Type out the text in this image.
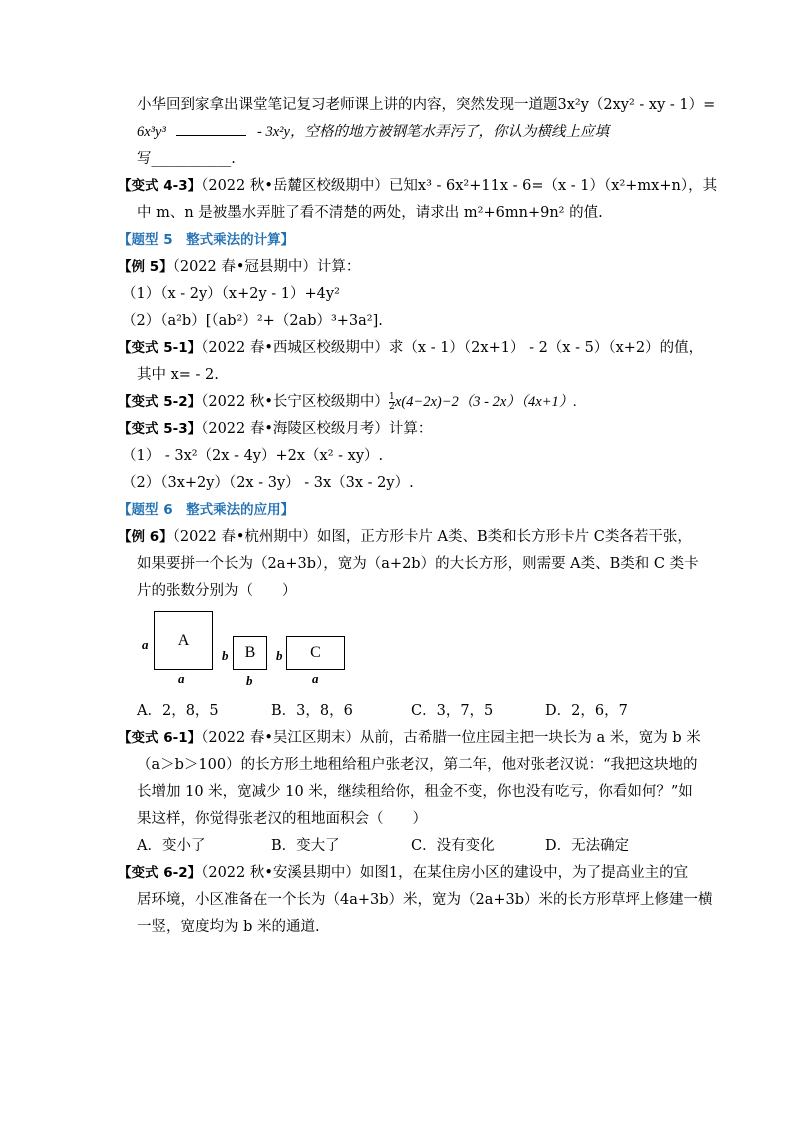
小华回到家拿出课堂笔记复习老师课上讲的内容，突然发现一道题3x²y（2xy² - xy - 1）=

6x³y³	- 3x²y，空格的地方被钢笔水弄污了，你认为横线上应填

写___________.

【变式 4-3】（2022 秋•岳麓区校级期中）已知x³ - 6x²+11x - 6=（x - 1）（x²+mx+n），其

中 m、n 是被墨水弄脏了看不清楚的两处，请求出 m²+6mn+9n² 的值.

【题型 5　整式乘法的计算】

【例 5】（2022 春•冠县期中）计算：

（1）（x - 2y）（x+2y - 1）+4y²

（2）（a²b）[（ab²）²+（2ab）³+3a²].

【变式 5-1】（2022 春•西城区校级期中）求（x - 1）（2x+1） - 2（x - 5）（x+2）的值，

其中 x= - 2.

【变式 5-2】（2022 秋•长宁区校级期中） $\frac{1}{2} x(4-2x)-2(3 - 2x)(4x+1)$.

【变式 5-3】（2022 春•海陵区校级月考）计算：

（1） - 3x²（2x - 4y）+2x（x² - xy）.

（2）（3x+2y）（2x - 3y） - 3x（3x - 2y）.

【题型 6　整式乘法的应用】

【例 6】（2022 春•杭州期中）如图，正方形卡片 A类、B类和长方形卡片 C类各若干张，

如果要拼一个长为（2a+3b），宽为（a+2b）的大长方形，则需要 A类、B类和 C 类卡

片的张数分别为（　　）

a	A
a
b	B
b
b	C
a

A．2，8，5	B．3，8，6	C．3，7，5	D．2，6，7

【变式 6-1】（2022 春•吴江区期末）从前，古希腊一位庄园主把一块长为 a 米，宽为 b 米

（a＞b＞100）的长方形土地租给租户张老汉，第二年，他对张老汉说：“我把这块地的

长增加 10 米，宽减少 10 米，继续租给你，租金不变，你也没有吃亏，你看如何？”如

果这样，你觉得张老汉的租地面积会（　　）

A．变小了	B．变大了	C．没有变化	D．无法确定

【变式 6-2】（2022 秋•安溪县期中）如图1，在某住房小区的建设中，为了提高业主的宜

居环境，小区准备在一个长为（4a+3b）米，宽为（2a+3b）米的长方形草坪上修建一横

一竖，宽度均为 b 米的通道.
